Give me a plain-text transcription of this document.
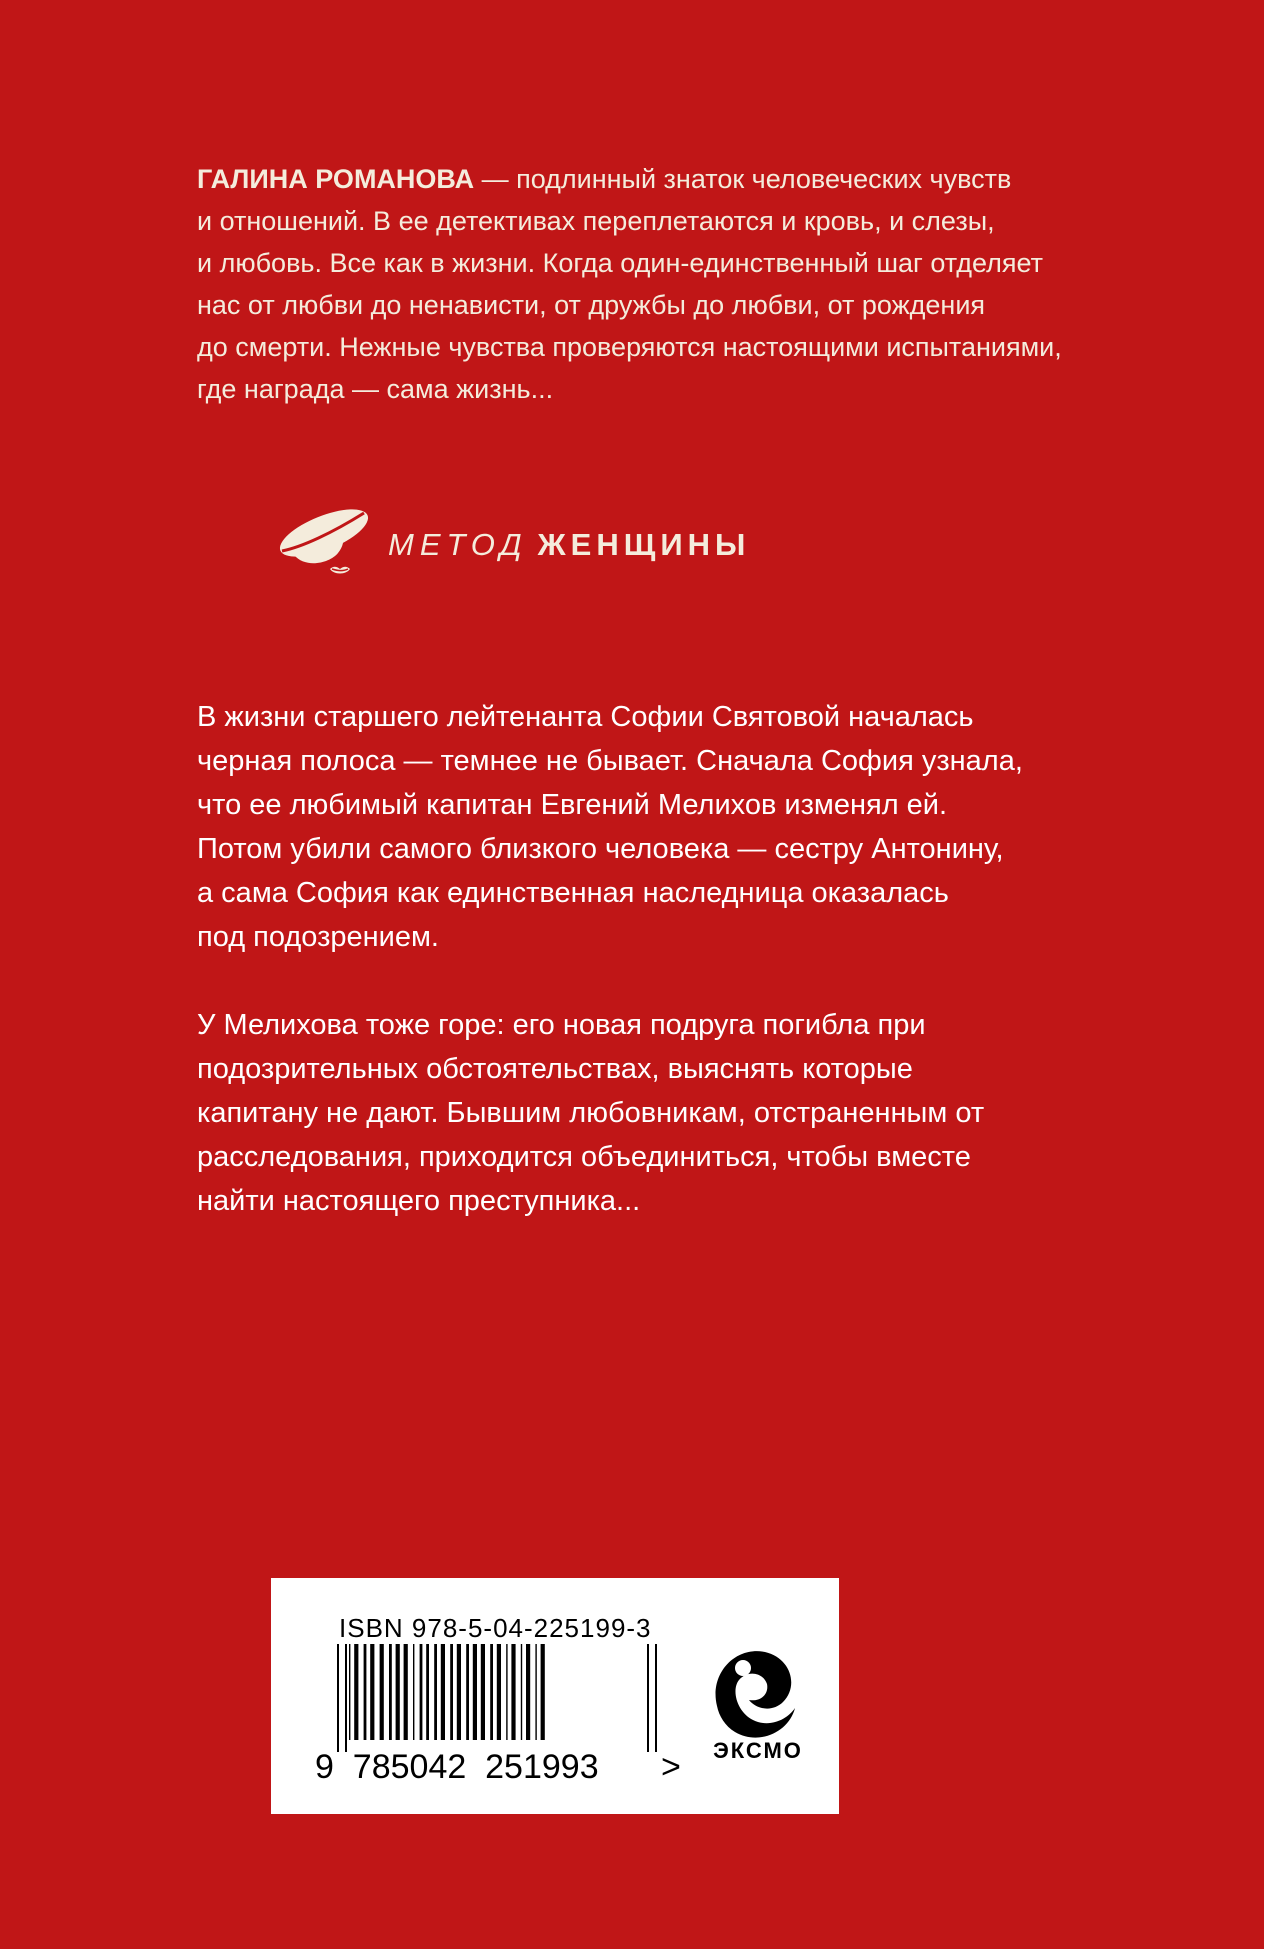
ГАЛИНА РОМАНОВА — подлинный знаток человеческих чувств

и отношений. В ее детективах переплетаются и кровь, и слезы,

и любовь. Все как в жизни. Когда один-единственный шаг отделяет

нас от любви до ненависти, от дружбы до любви, от рождения

до смерти. Нежные чувства проверяются настоящими испытаниями,

где награда — сама жизнь...

МЕТОД ЖЕНЩИНЫ

В жизни старшего лейтенанта Софии Святовой началась

черная полоса — темнее не бывает. Сначала София узнала,

что ее любимый капитан Евгений Мелихов изменял ей.

Потом убили самого близкого человека — сестру Антонину,

а сама София как единственная наследница оказалась

под подозрением.

У Мелихова тоже горе: его новая подруга погибла при

подозрительных обстоятельствах, выяснять которые

капитану не дают. Бывшим любовникам, отстраненным от

расследования, приходится объединиться, чтобы вместе

найти настоящего преступника...

ISBN 978-5-04-225199-3
9  785042  251993 >	ЭКСМО
